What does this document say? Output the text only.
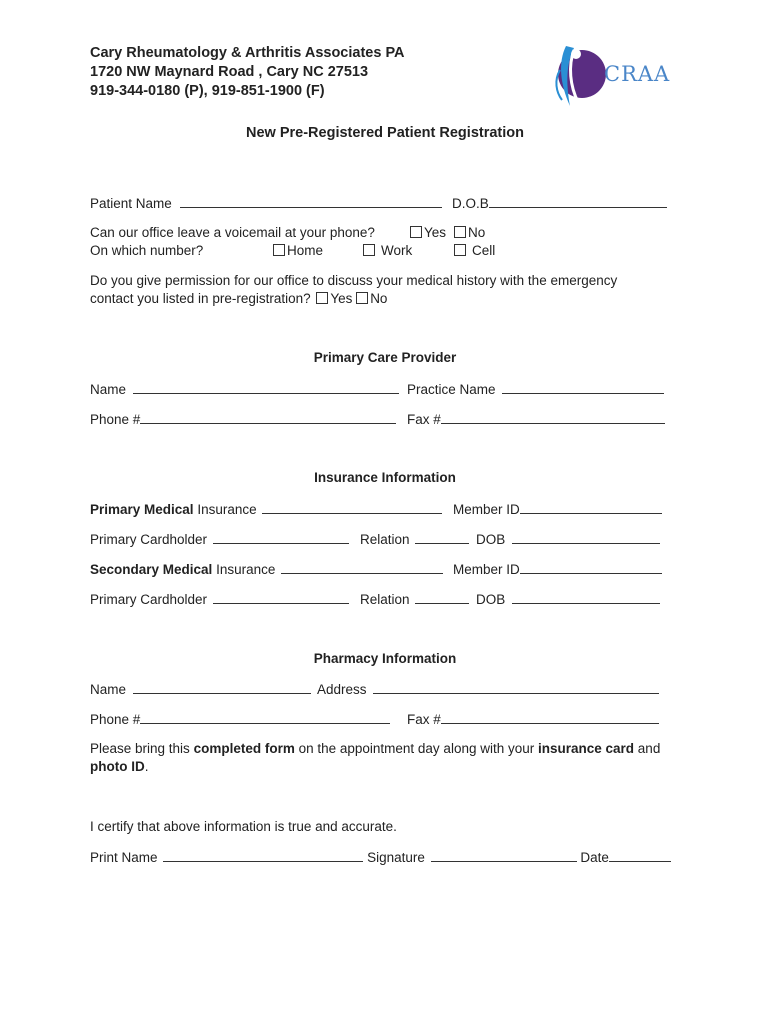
Cary Rheumatology & Arthritis Associates PA
1720 NW Maynard Road , Cary NC 27513
919-344-0180 (P), 919-851-1900 (F)
CRAA
New Pre-Registered Patient Registration
Patient Name	D.O.B
Can our office leave a voicemail at your phone?	Yes	No
On which number?	Home	Work	Cell
Do you give permission for our office to discuss your medical history with the emergency
contact you listed in pre-registration? Yes No
Primary Care Provider
Name	Practice Name
Phone #	Fax #
Insurance Information
Primary Medical Insurance	Member ID
Primary Cardholder	Relation	DOB
Secondary Medical Insurance	Member ID
Primary Cardholder	Relation	DOB
Pharmacy Information
Name	Address
Phone #	Fax #
Please bring this completed form on the appointment day along with your insurance card and
photo ID.
I certify that above information is true and accurate.
Print Name	Signature	Date
